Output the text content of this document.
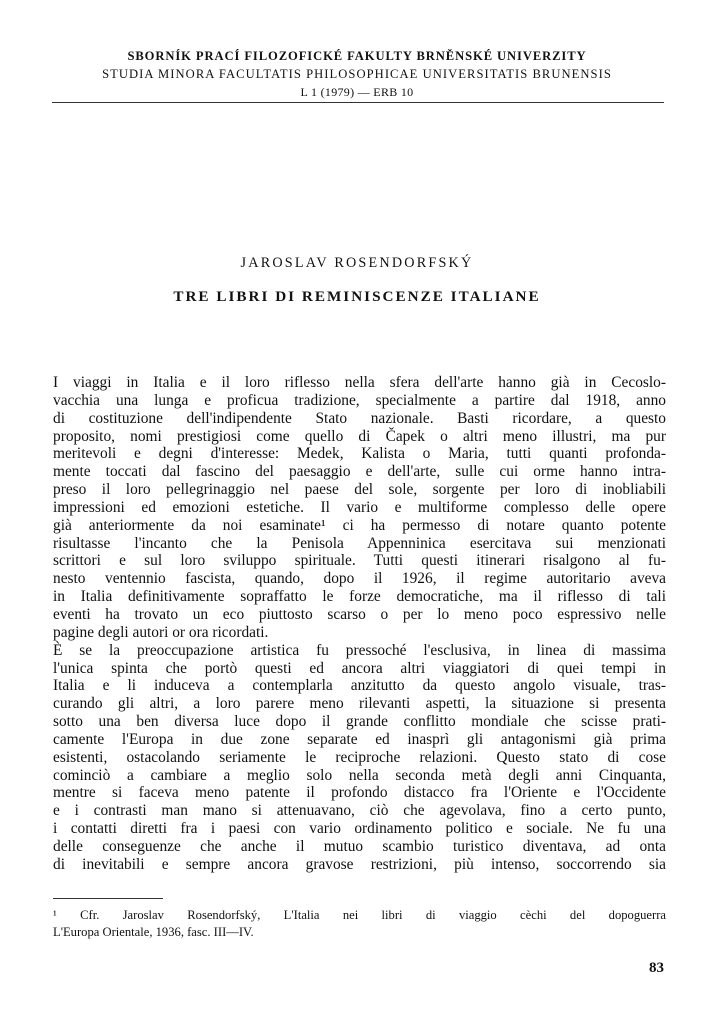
SBORNÍK PRACÍ FILOZOFICKÉ FAKULTY BRNĚNSKÉ UNIVERZITY
STUDIA MINORA FACULTATIS PHILOSOPHICAE UNIVERSITATIS BRUNENSIS
L 1 (1979) — ERB 10
JAROSLAV ROSENDORFSKÝ
TRE LIBRI DI REMINISCENZE ITALIANE
I viaggi in Italia e il loro riflesso nella sfera dell'arte hanno già in Cecoslo-
vacchia una lunga e proficua tradizione, specialmente a partire dal 1918, anno
di costituzione dell'indipendente Stato nazionale. Basti ricordare, a questo
proposito, nomi prestigiosi come quello di Čapek o altri meno illustri, ma pur
meritevoli e degni d'interesse: Medek, Kalista o Maria, tutti quanti profonda-
mente toccati dal fascino del paesaggio e dell'arte, sulle cui orme hanno intra-
preso il loro pellegrinaggio nel paese del sole, sorgente per loro di inobliabili
impressioni ed emozioni estetiche. Il vario e multiforme complesso delle opere
già anteriormente da noi esaminate¹ ci ha permesso di notare quanto potente
risultasse l'incanto che la Penisola Appenninica esercitava sui menzionati
scrittori e sul loro sviluppo spirituale. Tutti questi itinerari risalgono al fu-
nesto ventennio fascista, quando, dopo il 1926, il regime autoritario aveva
in Italia definitivamente sopraffatto le forze democratiche, ma il riflesso di tali
eventi ha trovato un eco piuttosto scarso o per lo meno poco espressivo nelle
pagine degli autori or ora ricordati.
È se la preoccupazione artistica fu pressoché l'esclusiva, in linea di massima
l'unica spinta che portò questi ed ancora altri viaggiatori di quei tempi in
Italia e li induceva a contemplarla anzitutto da questo angolo visuale, tras-
curando gli altri, a loro parere meno rilevanti aspetti, la situazione si presenta
sotto una ben diversa luce dopo il grande conflitto mondiale che scisse prati-
camente l'Europa in due zone separate ed inasprì gli antagonismi già prima
esistenti, ostacolando seriamente le reciproche relazioni. Questo stato di cose
cominciò a cambiare a meglio solo nella seconda metà degli anni Cinquanta,
mentre si faceva meno patente il profondo distacco fra l'Oriente e l'Occidente
e i contrasti man mano si attenuavano, ciò che agevolava, fino a certo punto,
i contatti diretti fra i paesi con vario ordinamento politico e sociale. Ne fu una
delle conseguenze che anche il mutuo scambio turistico diventava, ad onta
di inevitabili e sempre ancora gravose restrizioni, più intenso, soccorrendo sia
¹ Cfr. Jaroslav Rosendorfský, L'Italia nei libri di viaggio cèchi del dopoguerra
L'Europa Orientale, 1936, fasc. III—IV.
83
